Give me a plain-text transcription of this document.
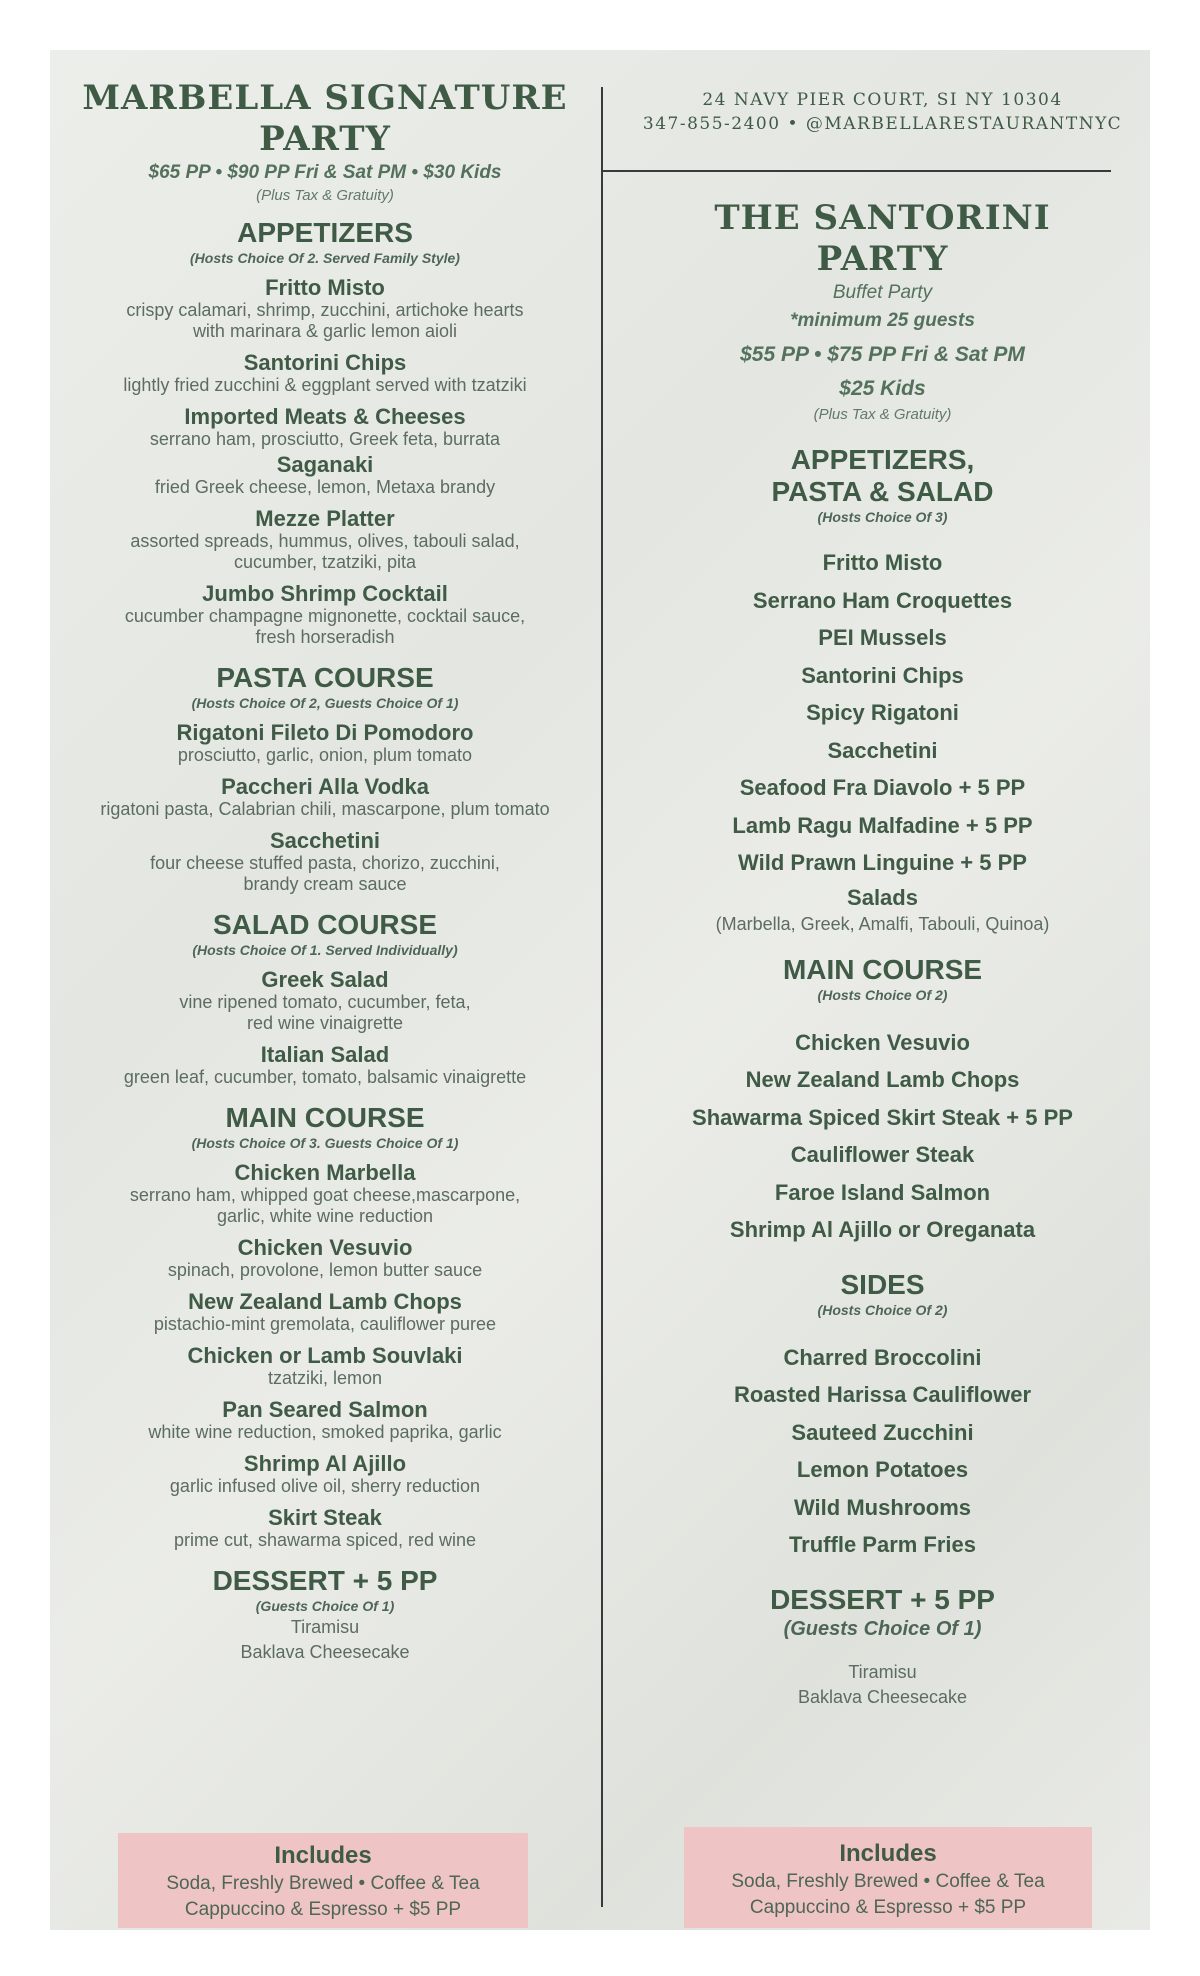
MARBELLA SIGNATURE
PARTY
$65 PP • $90 PP Fri & Sat PM • $30 Kids
(Plus Tax & Gratuity)
APPETIZERS
(Hosts Choice Of 2. Served Family Style)
Fritto Misto
crispy calamari, shrimp, zucchini, artichoke hearts
with marinara & garlic lemon aioli
Santorini Chips
lightly fried zucchini & eggplant served with tzatziki
Imported Meats & Cheeses
serrano ham, prosciutto, Greek feta, burrata
Saganaki
fried Greek cheese, lemon, Metaxa brandy
Mezze Platter
assorted spreads, hummus, olives, tabouli salad,
cucumber, tzatziki, pita
Jumbo Shrimp Cocktail
cucumber champagne mignonette, cocktail sauce,
fresh horseradish
PASTA COURSE
(Hosts Choice Of 2, Guests Choice Of 1)
Rigatoni Fileto Di Pomodoro
prosciutto, garlic, onion, plum tomato
Paccheri Alla Vodka
rigatoni pasta, Calabrian chili, mascarpone, plum tomato
Sacchetini
four cheese stuffed pasta, chorizo, zucchini,
brandy cream sauce
SALAD COURSE
(Hosts Choice Of 1. Served Individually)
Greek Salad
vine ripened tomato, cucumber, feta,
red wine vinaigrette
Italian Salad
green leaf, cucumber, tomato, balsamic vinaigrette
MAIN COURSE
(Hosts Choice Of 3. Guests Choice Of 1)
Chicken Marbella
serrano ham, whipped goat cheese,mascarpone,
garlic, white wine reduction
Chicken Vesuvio
spinach, provolone, lemon butter sauce
New Zealand Lamb Chops
pistachio-mint gremolata, cauliflower puree
Chicken or Lamb Souvlaki
tzatziki, lemon
Pan Seared Salmon
white wine reduction, smoked paprika, garlic
Shrimp Al Ajillo
garlic infused olive oil, sherry reduction
Skirt Steak
prime cut, shawarma spiced, red wine
DESSERT + 5 PP
(Guests Choice Of 1)
Tiramisu
Baklava Cheesecake
Includes
Soda, Freshly Brewed • Coffee & Tea
Cappuccino & Espresso + $5 PP
24 NAVY PIER COURT, SI NY 10304
347-855-2400 • @MARBELLARESTAURANTNYC
THE SANTORINI
PARTY
Buffet Party
*minimum 25 guests
$55 PP • $75 PP Fri & Sat PM
$25 Kids
(Plus Tax & Gratuity)
APPETIZERS,
PASTA & SALAD
(Hosts Choice Of 3)
Fritto Misto
Serrano Ham Croquettes
PEI Mussels
Santorini Chips
Spicy Rigatoni
Sacchetini
Seafood Fra Diavolo + 5 PP
Lamb Ragu Malfadine + 5 PP
Wild Prawn Linguine + 5 PP
Salads
(Marbella, Greek, Amalfi, Tabouli, Quinoa)
MAIN COURSE
(Hosts Choice Of 2)
Chicken Vesuvio
New Zealand Lamb Chops
Shawarma Spiced Skirt Steak + 5 PP
Cauliflower Steak
Faroe Island Salmon
Shrimp Al Ajillo or Oreganata
SIDES
(Hosts Choice Of 2)
Charred Broccolini
Roasted Harissa Cauliflower
Sauteed Zucchini
Lemon Potatoes
Wild Mushrooms
Truffle Parm Fries
DESSERT + 5 PP
(Guests Choice Of 1)
Tiramisu
Baklava Cheesecake
Includes
Soda, Freshly Brewed • Coffee & Tea
Cappuccino & Espresso + $5 PP
